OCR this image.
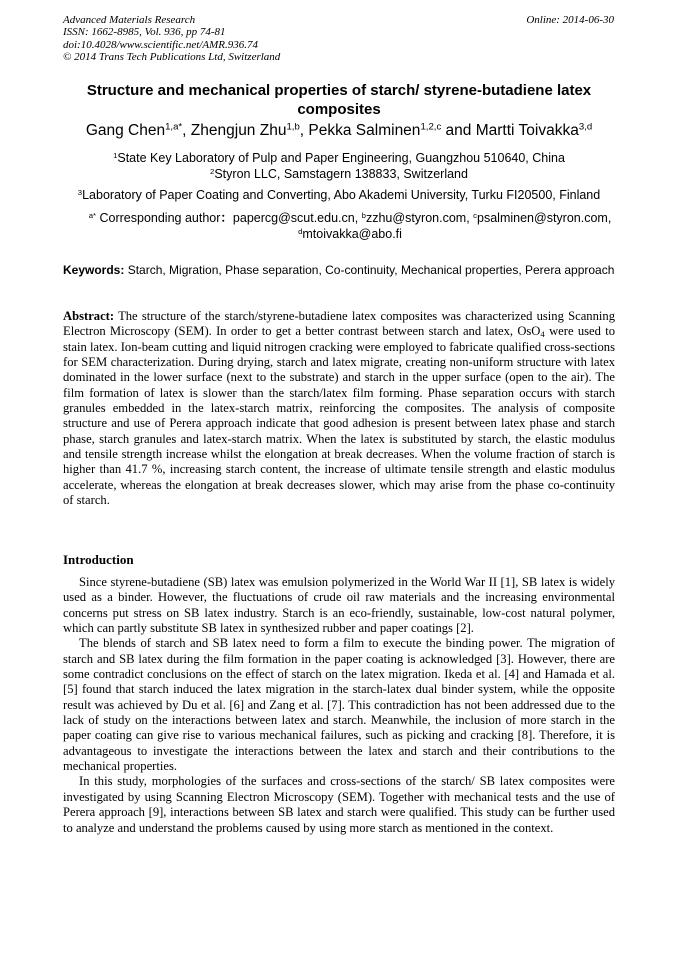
Advanced Materials Research
ISSN: 1662-8985, Vol. 936, pp 74-81
doi:10.4028/www.scientific.net/AMR.936.74
© 2014 Trans Tech Publications Ltd, Switzerland
Online: 2014-06-30
Structure and mechanical properties of starch/ styrene-butadiene latex composites
Gang Chen$^{1,a*}$, Zhengjun Zhu$^{1,b}$, Pekka Salminen$^{1,2,c}$ and Martti Toivakka$^{3,d}$
$^1$State Key Laboratory of Pulp and Paper Engineering, Guangzhou 510640, China
$^2$Styron LLC, Samstagern 138833, Switzerland
$^3$Laboratory of Paper Coating and Converting, Abo Akademi University, Turku FI20500, Finland
$^{a*}$ Corresponding author：papercg@scut.edu.cn, $^b$zzhu@styron.com, $^c$psalminen@styron.com,
$^d$mtoivakka@abo.fi
Keywords: Starch, Migration, Phase separation, Co-continuity, Mechanical properties, Perera approach
Abstract: The structure of the starch/styrene-butadiene latex composites was characterized using Scanning Electron Microscopy (SEM). In order to get a better contrast between starch and latex, OsO$_4$ were used to stain latex. Ion-beam cutting and liquid nitrogen cracking were employed to fabricate qualified cross-sections for SEM characterization. During drying, starch and latex migrate, creating non-uniform structure with latex dominated in the lower surface (next to the substrate) and starch in the upper surface (open to the air). The film formation of latex is slower than the starch/latex film forming. Phase separation occurs with starch granules embedded in the latex-starch matrix, reinforcing the composites. The analysis of composite structure and use of Perera approach indicate that good adhesion is present between latex phase and starch phase, starch granules and latex-starch matrix. When the latex is substituted by starch, the elastic modulus and tensile strength increase whilst the elongation at break decreases. When the volume fraction of starch is higher than 41.7 %, increasing starch content, the increase of ultimate tensile strength and elastic modulus accelerate, whereas the elongation at break decreases slower, which may arise from the phase co-continuity of starch.
Introduction

Since styrene-butadiene (SB) latex was emulsion polymerized in the World War II [1], SB latex is widely used as a binder. However, the fluctuations of crude oil raw materials and the increasing environmental concerns put stress on SB latex industry. Starch is an eco-friendly, sustainable, low-cost natural polymer, which can partly substitute SB latex in synthesized rubber and paper coatings [2].

The blends of starch and SB latex need to form a film to execute the binding power. The migration of starch and SB latex during the film formation in the paper coating is acknowledged [3]. However, there are some contradict conclusions on the effect of starch on the latex migration. Ikeda et al. [4] and Hamada et al. [5] found that starch induced the latex migration in the starch-latex dual binder system, while the opposite result was achieved by Du et al. [6] and Zang et al. [7]. This contradiction has not been addressed due to the lack of study on the interactions between latex and starch. Meanwhile, the inclusion of more starch in the paper coating can give rise to various mechanical failures, such as picking and cracking [8]. Therefore, it is advantageous to investigate the interactions between the latex and starch and their contributions to the mechanical properties.

In this study, morphologies of the surfaces and cross-sections of the starch/ SB latex composites were investigated by using Scanning Electron Microscopy (SEM). Together with mechanical tests and the use of Perera approach [9], interactions between SB latex and starch were qualified. This study can be further used to analyze and understand the problems caused by using more starch as mentioned in the context.
